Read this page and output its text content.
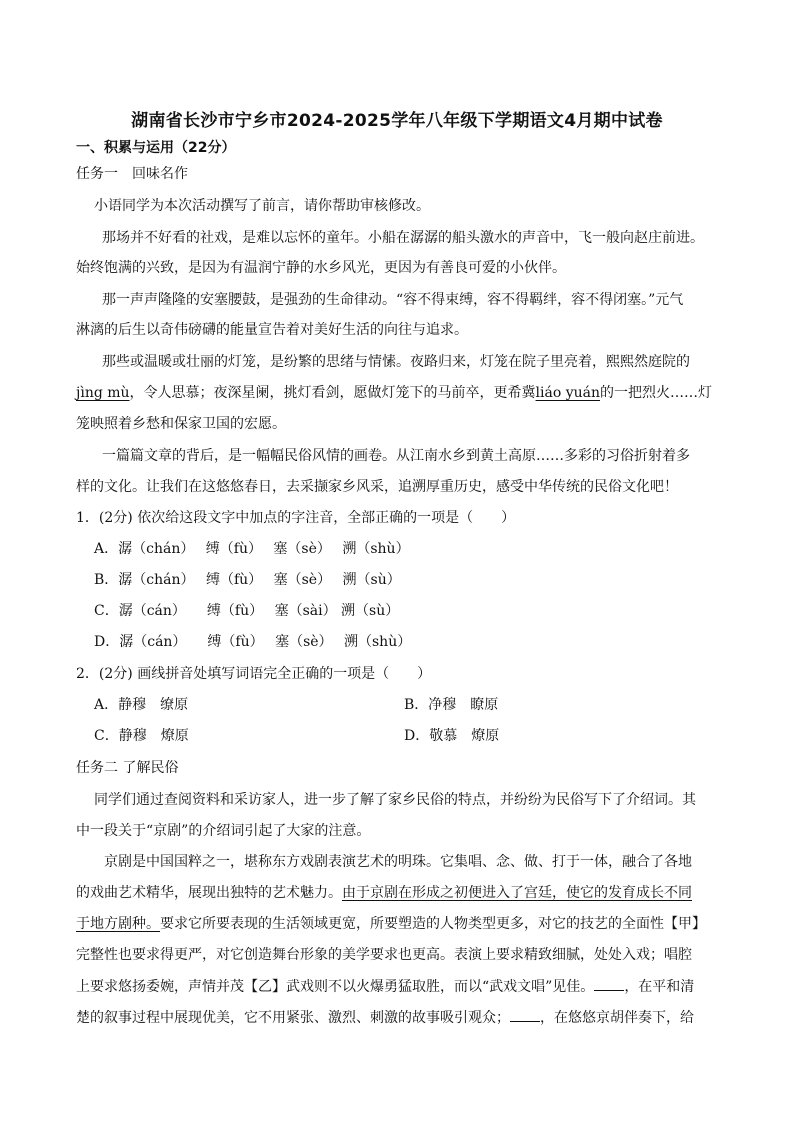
湖南省长沙市宁乡市2024-2025学年八年级下学期语文4月期中试卷
一、积累与运用（22分）
任务一　回味名作
小语同学为本次活动撰写了前言，请你帮助审核修改。
那场并不好看的社戏，是难以忘怀的童年。小船在潺潺的船头激水的声音中，飞一般向赵庄前进。
始终饱满的兴致，是因为有温润宁静的水乡风光，更因为有善良可爱的小伙伴。
那一声声隆隆的安塞腰鼓，是强劲的生命律动。“容不得束缚，容不得羁绊，容不得闭塞。”元气
淋漓的后生以奇伟磅礴的能量宣告着对美好生活的向往与追求。
那些或温暖或壮丽的灯笼，是纷繁的思绪与情愫。夜路归来，灯笼在院子里亮着，熙熙然庭院的
jìng mù，令人思慕；夜深星阑，挑灯看剑，愿做灯笼下的马前卒，更希冀liáo yuán的一把烈火……灯
笼映照着乡愁和保家卫国的宏愿。
一篇篇文章的背后，是一幅幅民俗风情的画卷。从江南水乡到黄土高原……多彩的习俗折射着多
样的文化。让我们在这悠悠春日，去采撷家乡风采，追溯厚重历史，感受中华传统的民俗文化吧！
1．(2分) 依次给这段文字中加点的字注音，全部正确的一项是（　　）
A．潺（chán）　 缚（fù）　 塞（sè）　 溯（shù）
B．潺（chán）　 缚（fù）　 塞（sè）　 溯（sù）
C．潺（cán）　　缚（fù）　 塞（sài） 溯（sù）
D．潺（cán）　　缚（fù）　 塞（sè）　 溯（shù）
2．(2分) 画线拼音处填写词语完全正确的一项是（　　）
A．静穆　缭原	B．净穆　瞭原
C．静穆　燎原	D．敬慕　燎原
任务二 了解民俗
同学们通过查阅资料和采访家人，进一步了解了家乡民俗的特点，并纷纷为民俗写下了介绍词。其
中一段关于“京剧”的介绍词引起了大家的注意。
京剧是中国国粹之一，堪称东方戏剧表演艺术的明珠。它集唱、念、做、打于一体，融合了各地
的戏曲艺术精华，展现出独特的艺术魅力。由于京剧在形成之初便进入了宫廷，使它的发育成长不同
于地方剧种。要求它所要表现的生活领域更宽，所要塑造的人物类型更多，对它的技艺的全面性【甲】
完整性也要求得更严，对它创造舞台形象的美学要求也更高。表演上要求精致细腻，处处入戏；唱腔
上要求悠扬委婉，声情并茂【乙】武戏则不以火爆勇猛取胜，而以“武戏文唱”见佳。 ，在平和清
楚的叙事过程中展现优美，它不用紧张、激烈、刺激的故事吸引观众； ，在悠悠京胡伴奏下，给
